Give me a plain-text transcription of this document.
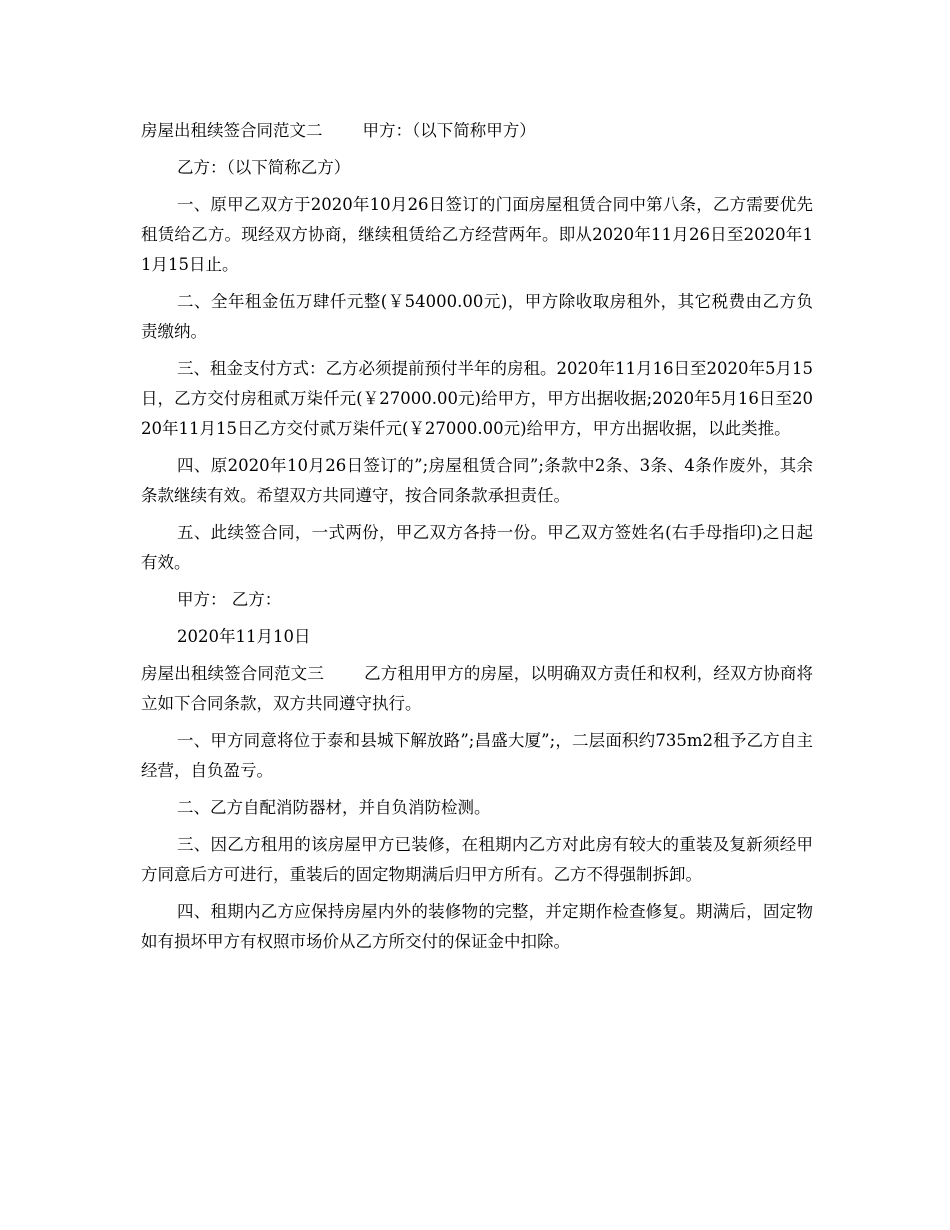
房屋出租续签合同范文二 甲方：（以下简称甲方）

乙方：（以下简称乙方）

一、原甲乙双方于2020年10月26日签订的门面房屋租赁合同中第八条，乙方需要优先租赁给乙方。现经双方协商，继续租赁给乙方经营两年。即从2020年11月26日至2020年11月15日止。

二、全年租金伍万肆仟元整(￥54000.00元)，甲方除收取房租外，其它税费由乙方负责缴纳。

三、租金支付方式：乙方必须提前预付半年的房租。2020年11月16日至2020年5月15日，乙方交付房租贰万柒仟元(￥27000.00元)给甲方，甲方出据收据;2020年5月16日至2020年11月15日乙方交付贰万柒仟元(￥27000.00元)给甲方，甲方出据收据，以此类推。

四、原2020年10月26日签订的”;房屋租赁合同”;条款中2条、3条、4条作废外，其余条款继续有效。希望双方共同遵守，按合同条款承担责任。

五、此续签合同，一式两份，甲乙双方各持一份。甲乙双方签姓名(右手母指印)之日起有效。

甲方： 乙方：

2020年11月10日

房屋出租续签合同范文三 乙方租用甲方的房屋，以明确双方责任和权利，经双方协商将立如下合同条款，双方共同遵守执行。

一、甲方同意将位于泰和县城下解放路”;昌盛大厦”;，二层面积约735m2租予乙方自主经营，自负盈亏。

二、乙方自配消防器材，并自负消防检测。

三、因乙方租用的该房屋甲方已装修，在租期内乙方对此房有较大的重装及复新须经甲方同意后方可进行，重装后的固定物期满后归甲方所有。乙方不得强制拆卸。

四、租期内乙方应保持房屋内外的装修物的完整，并定期作检查修复。期满后，固定物如有损坏甲方有权照市场价从乙方所交付的保证金中扣除。
